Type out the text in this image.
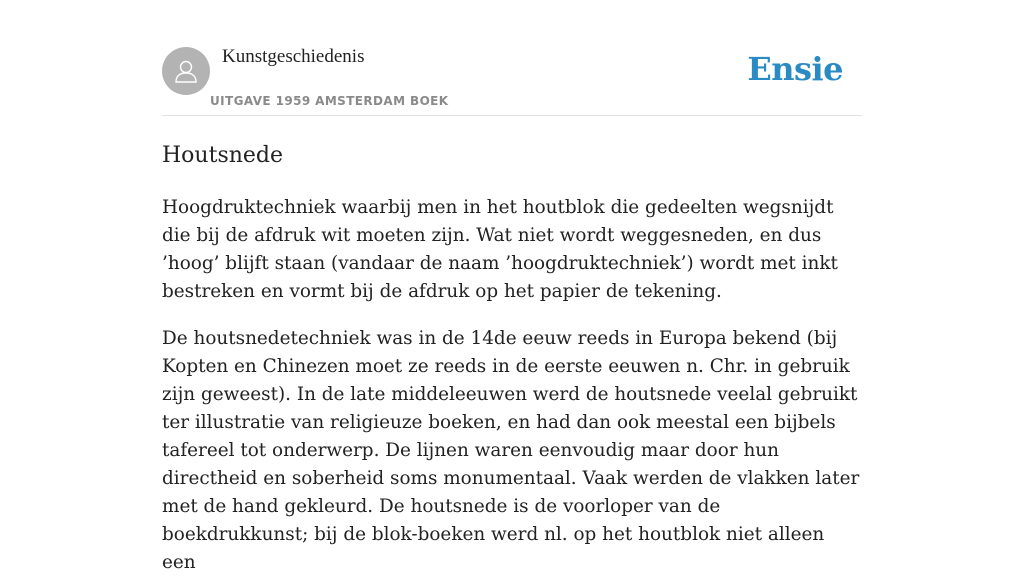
Kunstgeschiedenis
UITGAVE 1959 AMSTERDAM BOEK
Ensie
Houtsnede

Hoogdruktechniek waarbij men in het houtblok die gedeelten wegsnijdt die bij de afdruk wit moeten zijn. Wat niet wordt weggesneden, en dus ’hoog’ blijft staan (vandaar de naam ’hoogdruktechniek’) wordt met inkt bestreken en vormt bij de afdruk op het papier de tekening.

De houtsnedetechniek was in de 14de eeuw reeds in Europa bekend (bij Kopten en Chinezen moet ze reeds in de eerste eeuwen n. Chr. in gebruik zijn geweest). In de late middeleeuwen werd de houtsnede veelal gebruikt ter illustratie van religieuze boeken, en had dan ook meestal een bijbels tafereel tot onderwerp. De lijnen waren eenvoudig maar door hun directheid en soberheid soms monumentaal. Vaak werden de vlakken later met de hand gekleurd. De houtsnede is de voorloper van de boekdrukkunst; bij de blok-boeken werd nl. op het houtblok niet alleen een
